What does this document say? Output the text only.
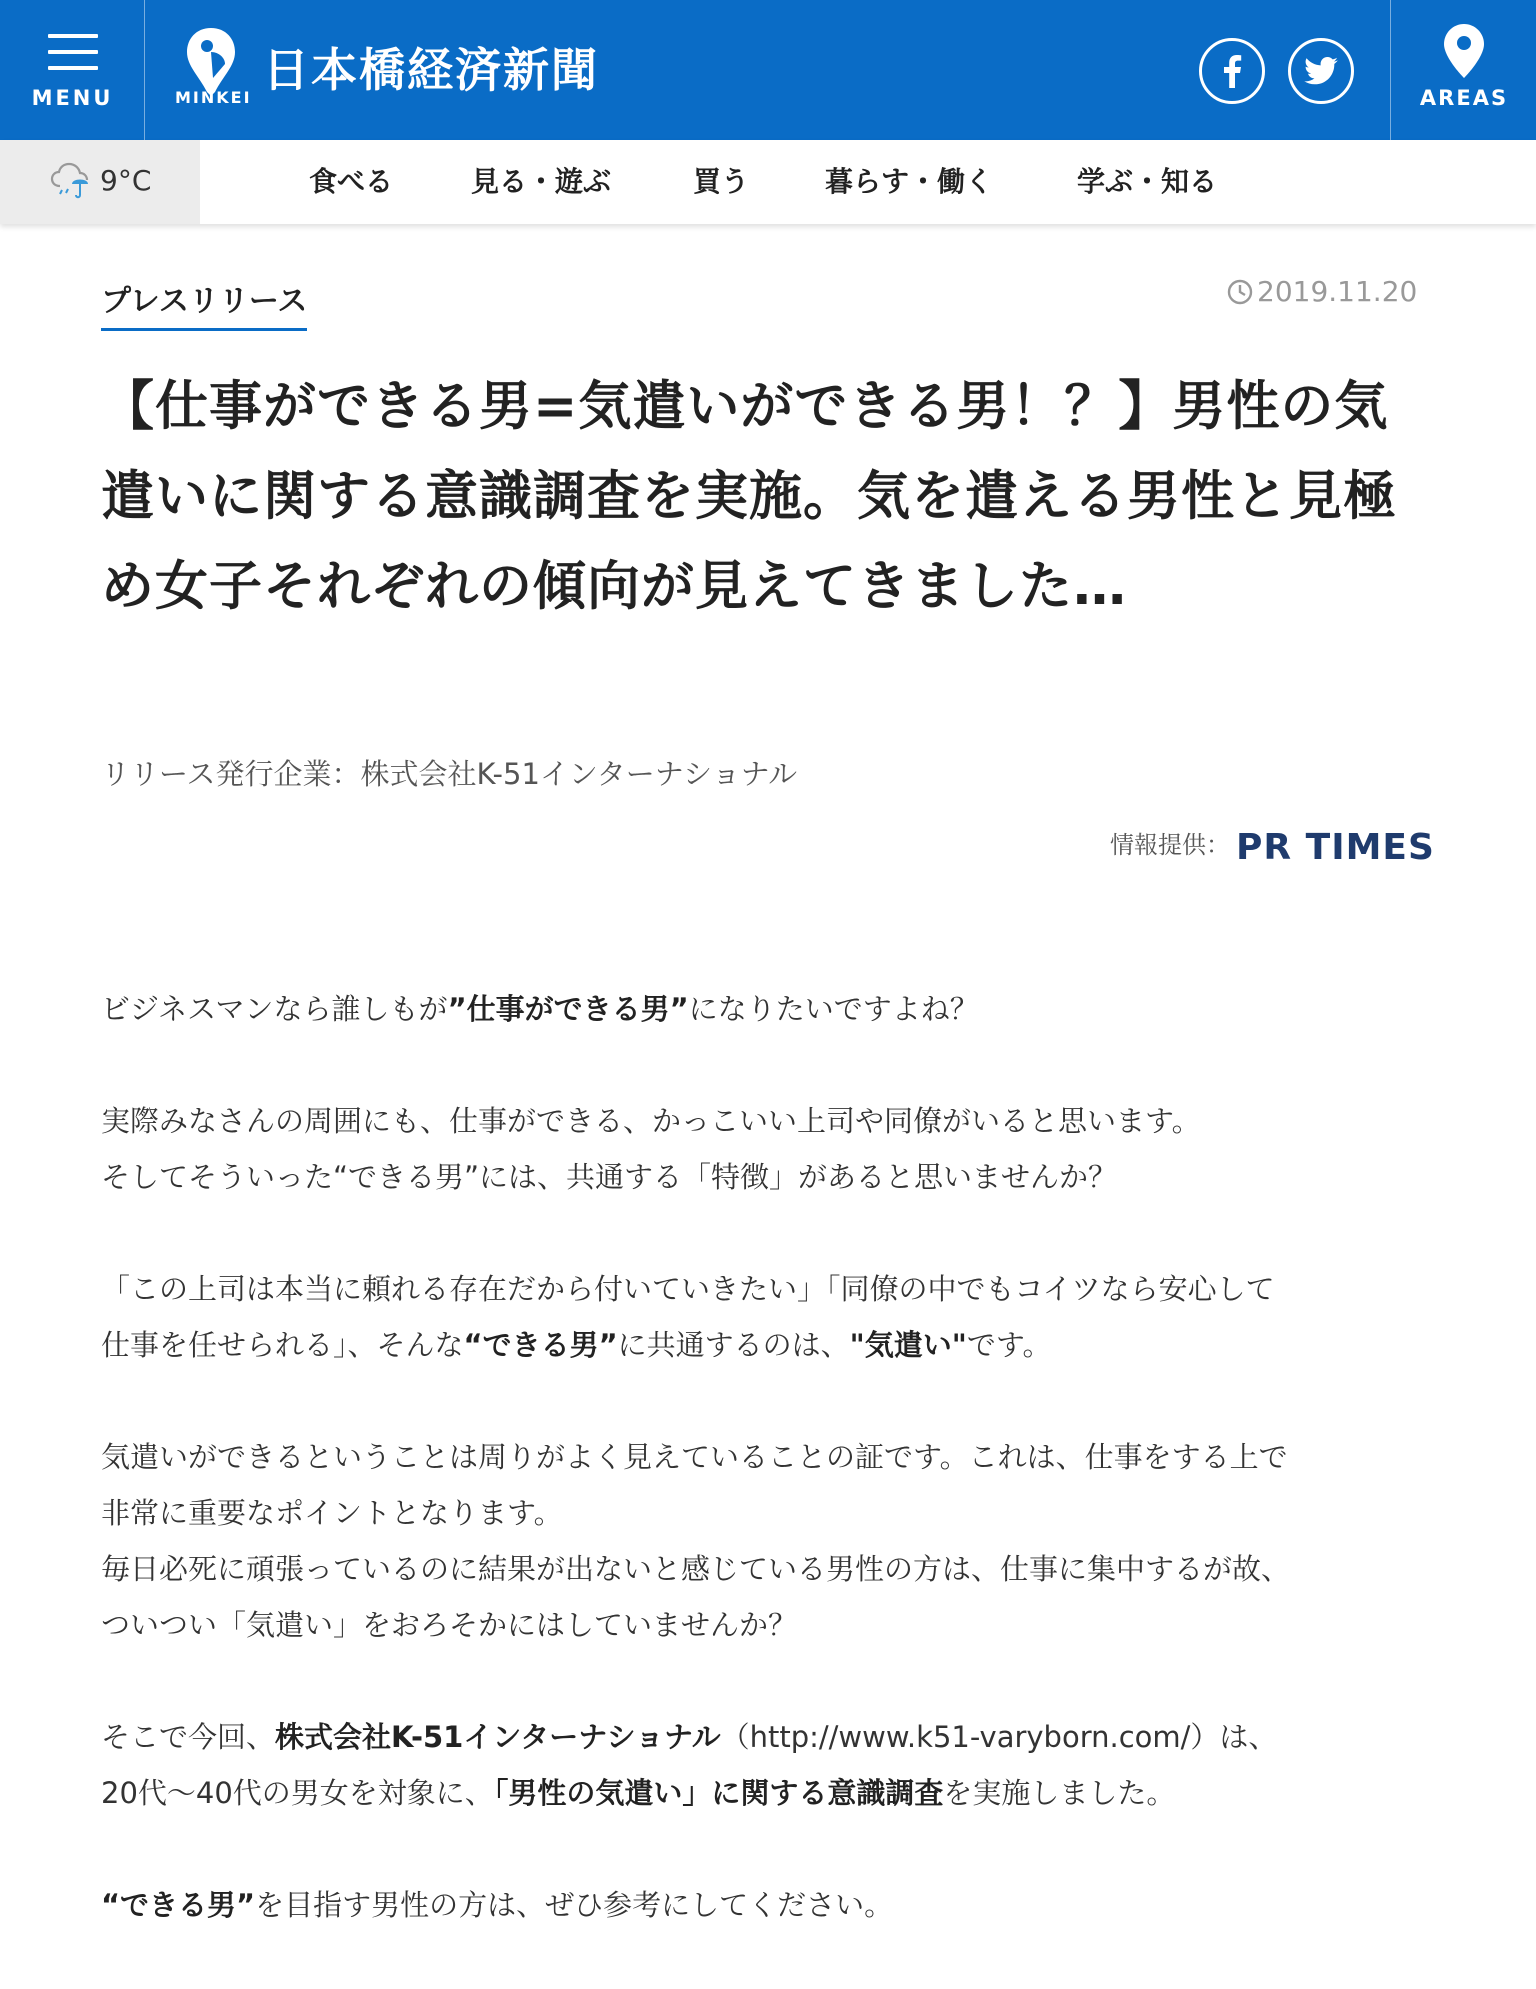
MENU	MINKEI
日本橋経済新聞
AREAS
9°C	食べる	見る・遊ぶ	買う	暮らす・働く	学ぶ・知る
プレスリリース	2019.11.20
【仕事ができる男=気遣いができる男！？】男性の気遣いに関する意識調査を実施。気を遣える男性と見極め女子それぞれの傾向が見えてきました…
リリース発行企業：株式会社K-51インターナショナル
情報提供： PR TIMES

ビジネスマンなら誰しもが”仕事ができる男”になりたいですよね？

実際みなさんの周囲にも、仕事ができる、かっこいい上司や同僚がいると思います。
そしてそういった“できる男”には、共通する「特徴」があると思いませんか？

「この上司は本当に頼れる存在だから付いていきたい」「同僚の中でもコイツなら安心して
仕事を任せられる」、そんな“できる男”に共通するのは、"気遣い"です。

気遣いができるということは周りがよく見えていることの証です。これは、仕事をする上で
非常に重要なポイントとなります。
毎日必死に頑張っているのに結果が出ないと感じている男性の方は、仕事に集中するが故、
ついつい「気遣い」をおろそかにはしていませんか？

そこで今回、株式会社K-51インターナショナル（http://www.k51-varyborn.com/）は、
20代～40代の男女を対象に、「男性の気遣い」に関する意識調査を実施しました。

“できる男”を目指す男性の方は、ぜひ参考にしてください。
